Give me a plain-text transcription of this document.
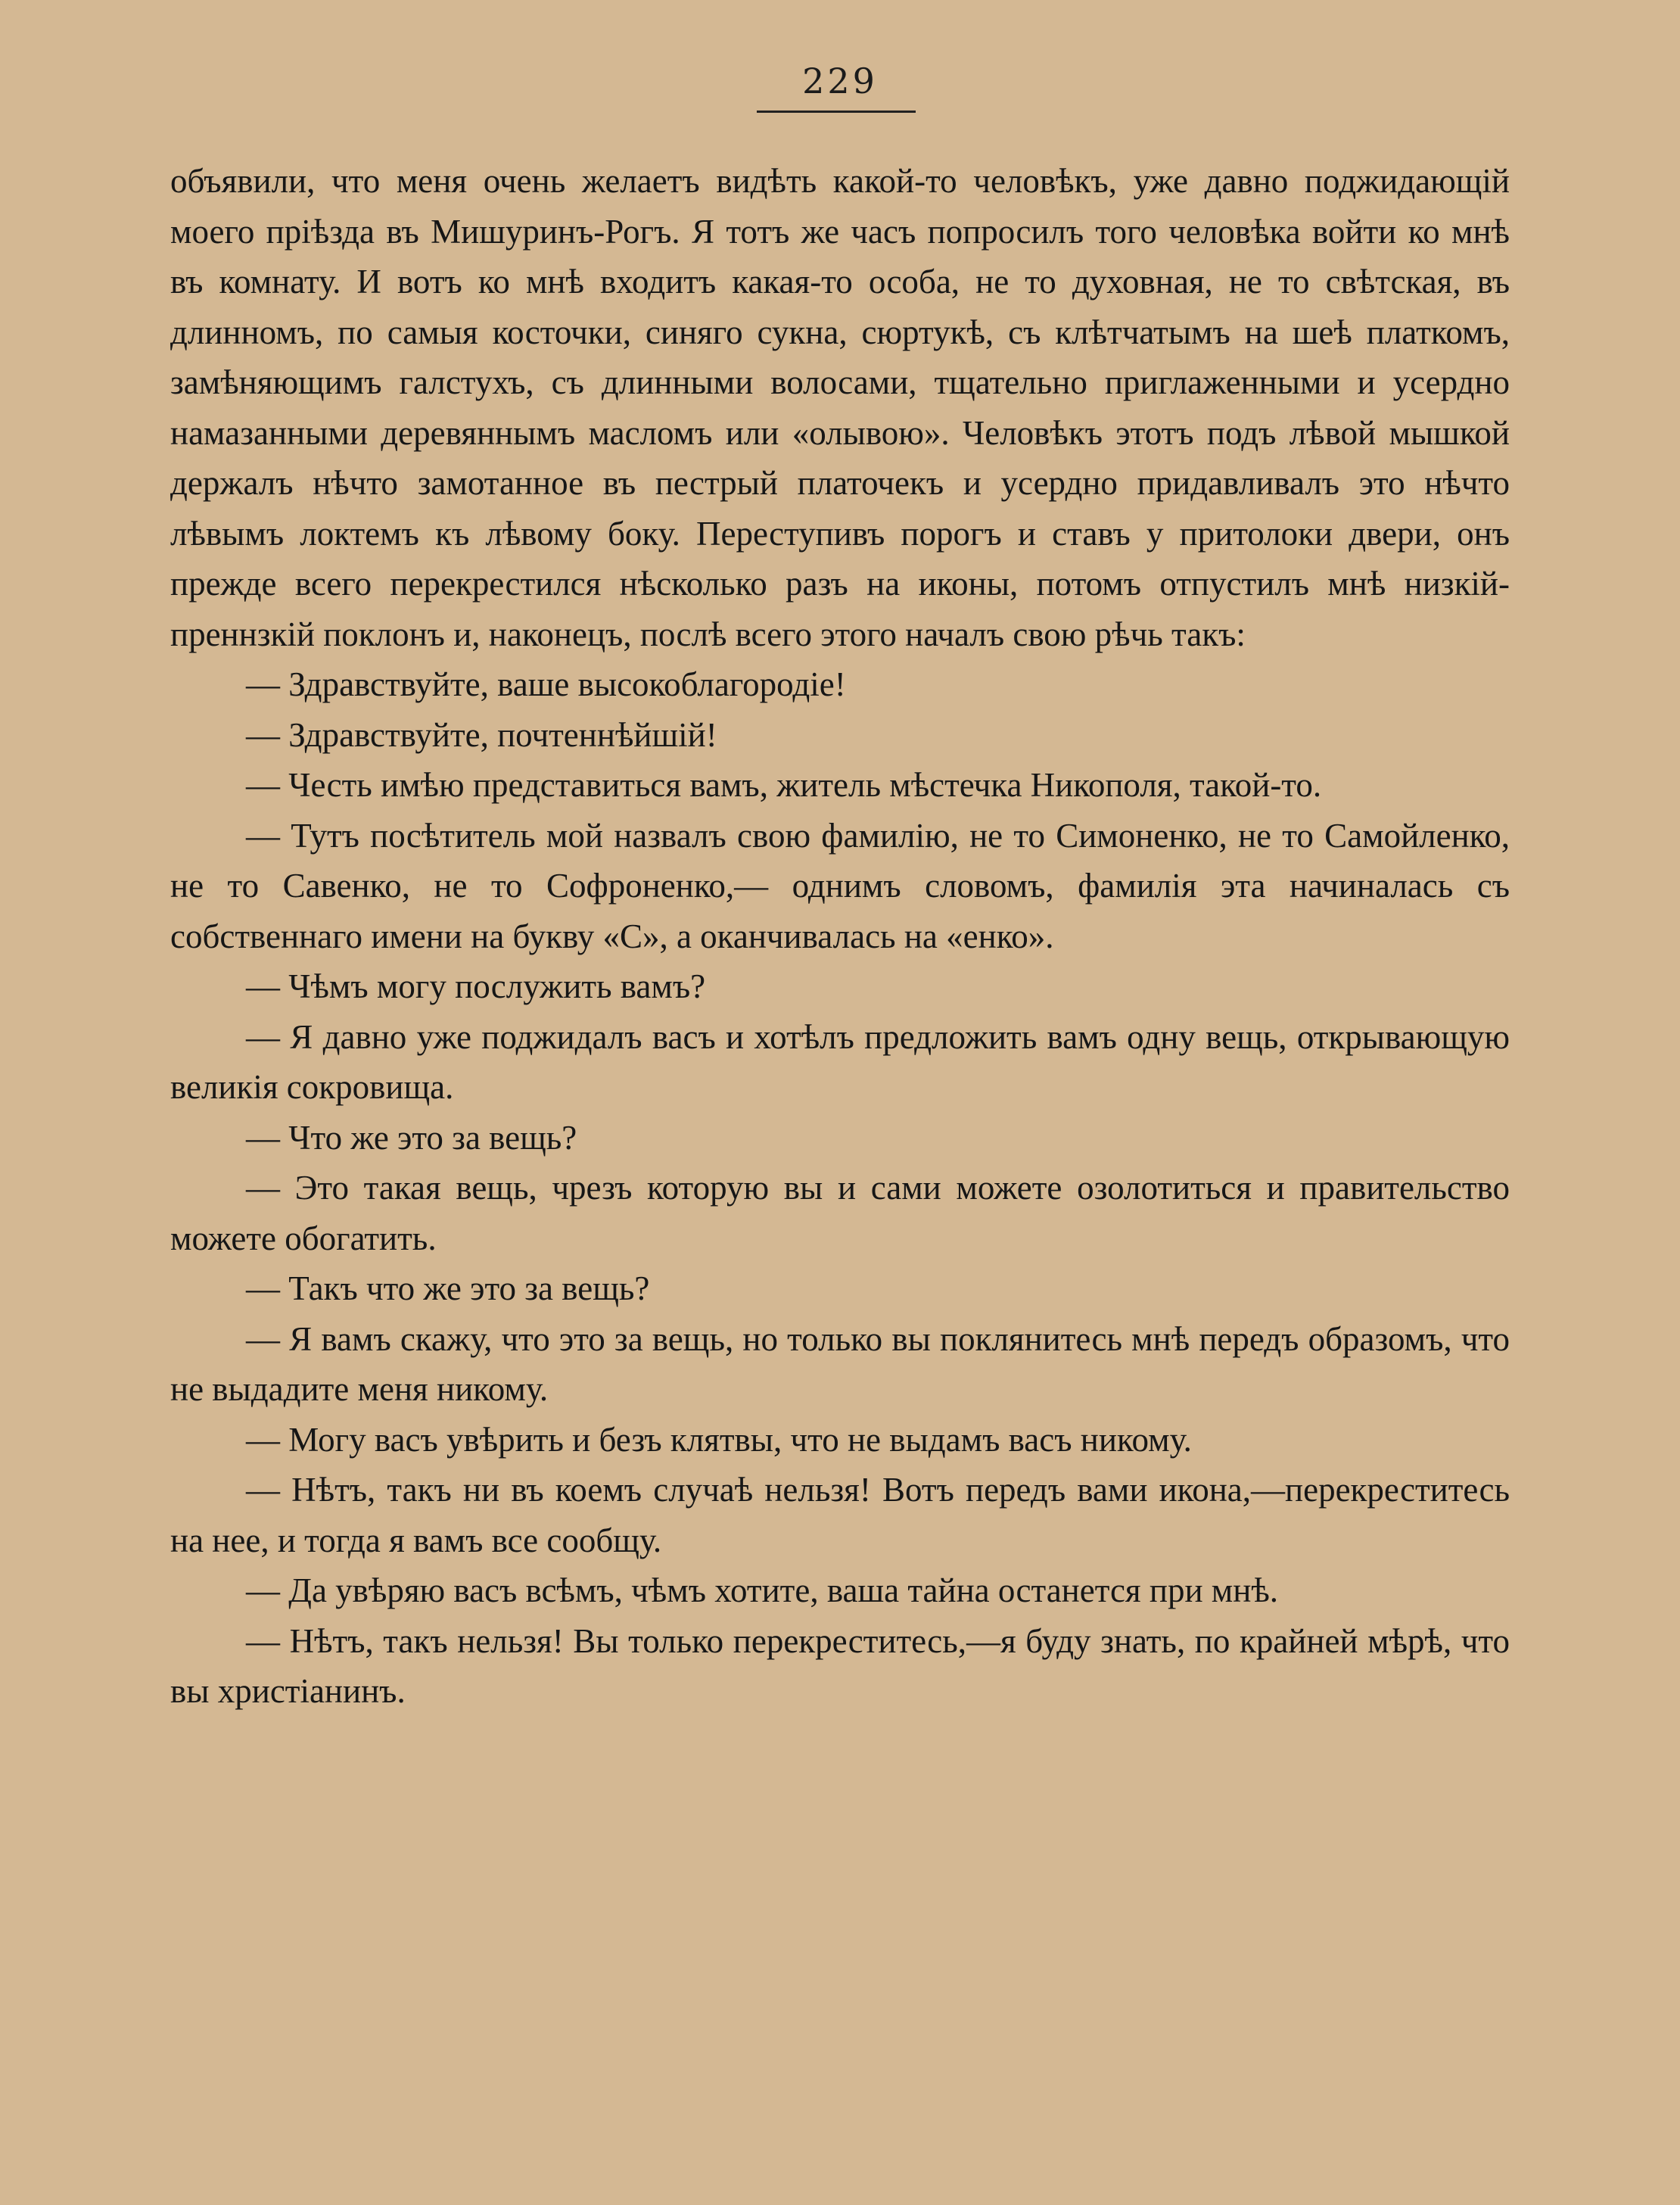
229

объявили, что меня очень желаетъ видѣть какой-то человѣкъ, уже давно поджидающій моего пріѣзда въ Мишуринъ-Рогъ. Я тотъ же часъ попросилъ того человѣка войти ко мнѣ въ комнату. И вотъ ко мнѣ входитъ какая-то особа, не то духовная, не то свѣтская, въ длинномъ, по самыя косточки, синяго сукна, сюртукѣ, съ клѣтчатымъ на шеѣ платкомъ, замѣняющимъ галстухъ, съ длинными волосами, тщательно приглаженными и усердно намазанными деревяннымъ масломъ или «олывою». Человѣкъ этотъ подъ лѣвой мышкой держалъ нѣчто замотанное въ пестрый платочекъ и усердно придавливалъ это нѣчто лѣвымъ локтемъ къ лѣвому боку. Переступивъ порогъ и ставъ у притолоки двери, онъ прежде всего перекрестился нѣсколько разъ на иконы, потомъ отпустилъ мнѣ низкій-преннзкій поклонъ и, наконецъ, послѣ всего этого началъ свою рѣчь такъ:

— Здравствуйте, ваше высокоблагородіе!

— Здравствуйте, почтеннѣйшій!

— Честь имѣю представиться вамъ, житель мѣстечка Никополя, такой-то.

— Тутъ посѣтитель мой назвалъ свою фамилію, не то Симоненко, не то Самойленко, не то Савенко, не то Софроненко,— однимъ словомъ, фамилія эта начиналась съ собственнаго имени на букву «С», а оканчивалась на «енко».

— Чѣмъ могу послужить вамъ?

— Я давно уже поджидалъ васъ и хотѣлъ предложить вамъ одну вещь, открывающую великія сокровища.

— Что же это за вещь?

— Это такая вещь, чрезъ которую вы и сами можете озолотиться и правительство можете обогатить.

— Такъ что же это за вещь?

— Я вамъ скажу, что это за вещь, но только вы поклянитесь мнѣ передъ образомъ, что не выдадите меня никому.

— Могу васъ увѣрить и безъ клятвы, что не выдамъ васъ никому.

— Нѣтъ, такъ ни въ коемъ случаѣ нельзя! Вотъ передъ вами икона,—перекреститесь на нее, и тогда я вамъ все сообщу.

— Да увѣряю васъ всѣмъ, чѣмъ хотите, ваша тайна останется при мнѣ.

— Нѣтъ, такъ нельзя! Вы только перекреститесь,—я буду знать, по крайней мѣрѣ, что вы христіанинъ.
